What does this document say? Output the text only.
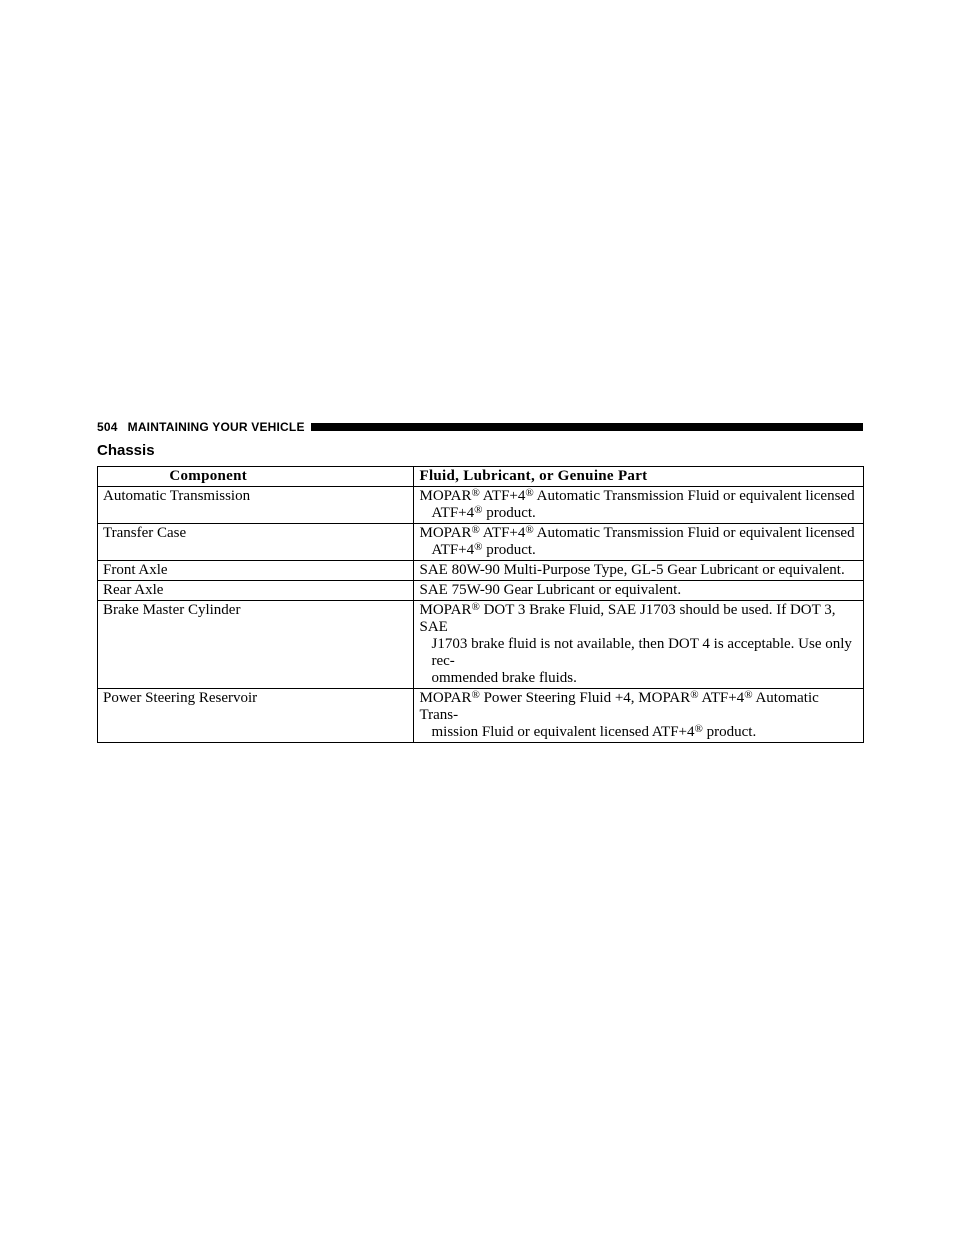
504 MAINTAINING YOUR VEHICLE
Chassis
Component	Fluid, Lubricant, or Genuine Part
Automatic Transmission	MOPAR® ATF+4® Automatic Transmission Fluid or equivalent licensed
ATF+4® product.

Transfer Case	MOPAR® ATF+4® Automatic Transmission Fluid or equivalent licensed
ATF+4® product.

Front Axle	SAE 80W-90 Multi-Purpose Type, GL-5 Gear Lubricant or equivalent.

Rear Axle	SAE 75W-90 Gear Lubricant or equivalent.

Brake Master Cylinder	MOPAR® DOT 3 Brake Fluid, SAE J1703 should be used. If DOT 3, SAE
J1703 brake fluid is not available, then DOT 4 is acceptable. Use only rec-
ommended brake fluids.

Power Steering Reservoir	MOPAR® Power Steering Fluid +4, MOPAR® ATF+4® Automatic Trans-
mission Fluid or equivalent licensed ATF+4® product.
